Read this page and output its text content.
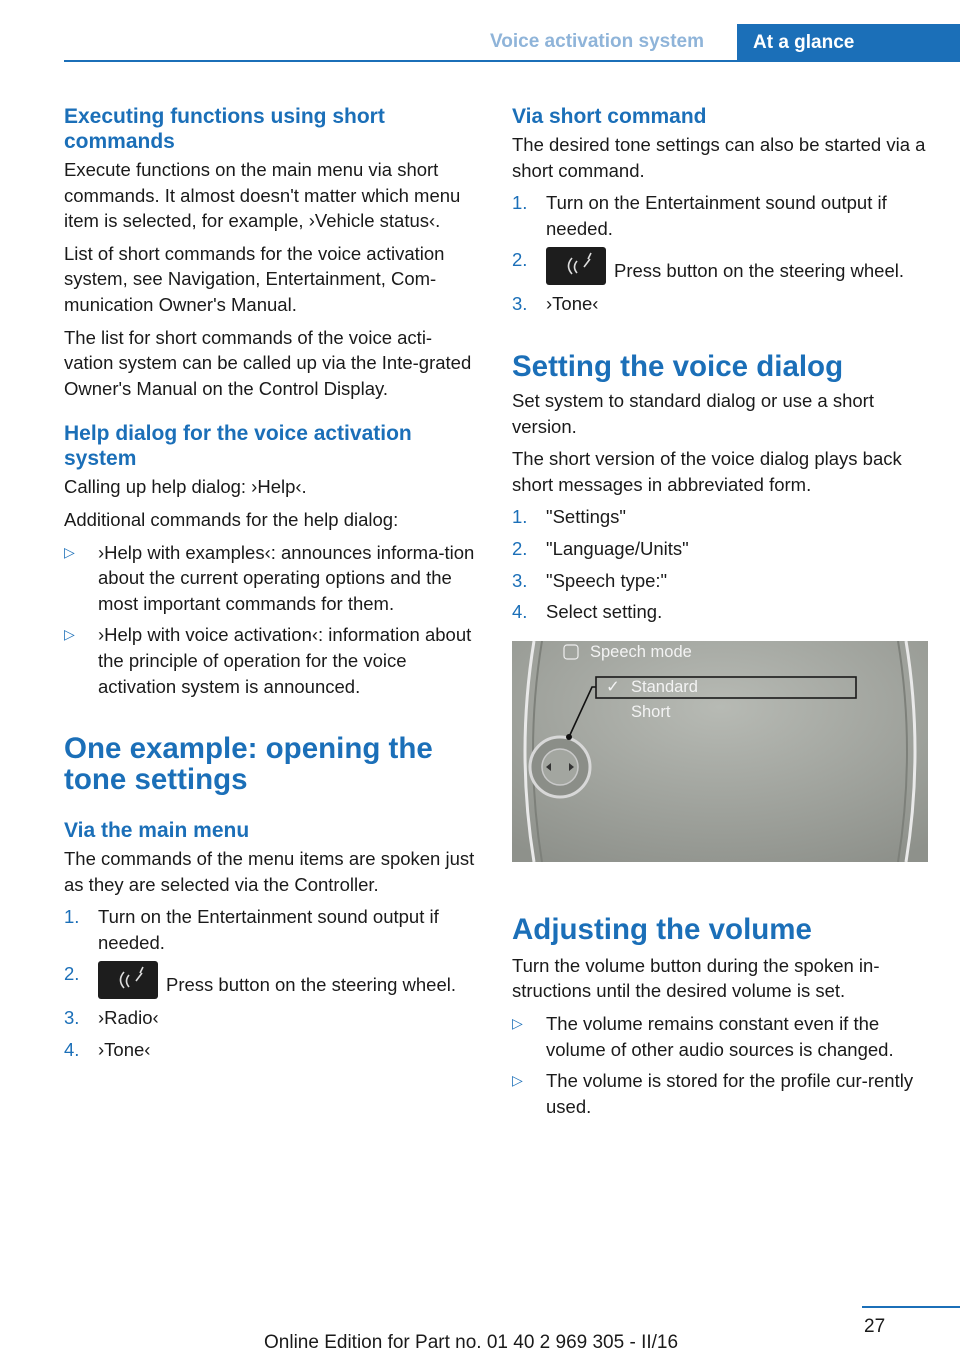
Voice activation system	At a glance
Executing functions using short commands

Execute functions on the main menu via short commands. It almost doesn't matter which menu item is selected, for example, ›Vehicle status‹.

List of short commands for the voice activation system, see Navigation, Entertainment, Com‐munication Owner's Manual.

The list for short commands of the voice acti‐vation system can be called up via the Inte‐grated Owner's Manual on the Control Display.

Help dialog for the voice activation system

Calling up help dialog: ›Help‹.

Additional commands for the help dialog:

▷ ›Help with examples‹: announces informa‐tion about the current operating options and the most important commands for them.
▷ ›Help with voice activation‹: information about the principle of operation for the voice activation system is announced.
One example: opening the tone settings
Via the main menu

The commands of the menu items are spoken just as they are selected via the Controller.

1. Turn on the Entertainment sound output if needed.
2.
Press button on the steering wheel.
3. ›Radio‹
4. ›Tone‹
Via short command

The desired tone settings can also be started via a short command.

1. Turn on the Entertainment sound output if needed.
2.
Press button on the steering wheel.
3. ›Tone‹
Setting the voice dialog

Set system to standard dialog or use a short version.

The short version of the voice dialog plays back short messages in abbreviated form.

1. "Settings"
2. "Language/Units"
3. "Speech type:"
4. Select setting.
Speech mode
✓ Standard
Short
Adjusting the volume

Turn the volume button during the spoken in‐structions until the desired volume is set.

▷ The volume remains constant even if the volume of other audio sources is changed.
▷ The volume is stored for the profile cur‐rently used.
27
Online Edition for Part no. 01 40 2 969 305 - II/16
